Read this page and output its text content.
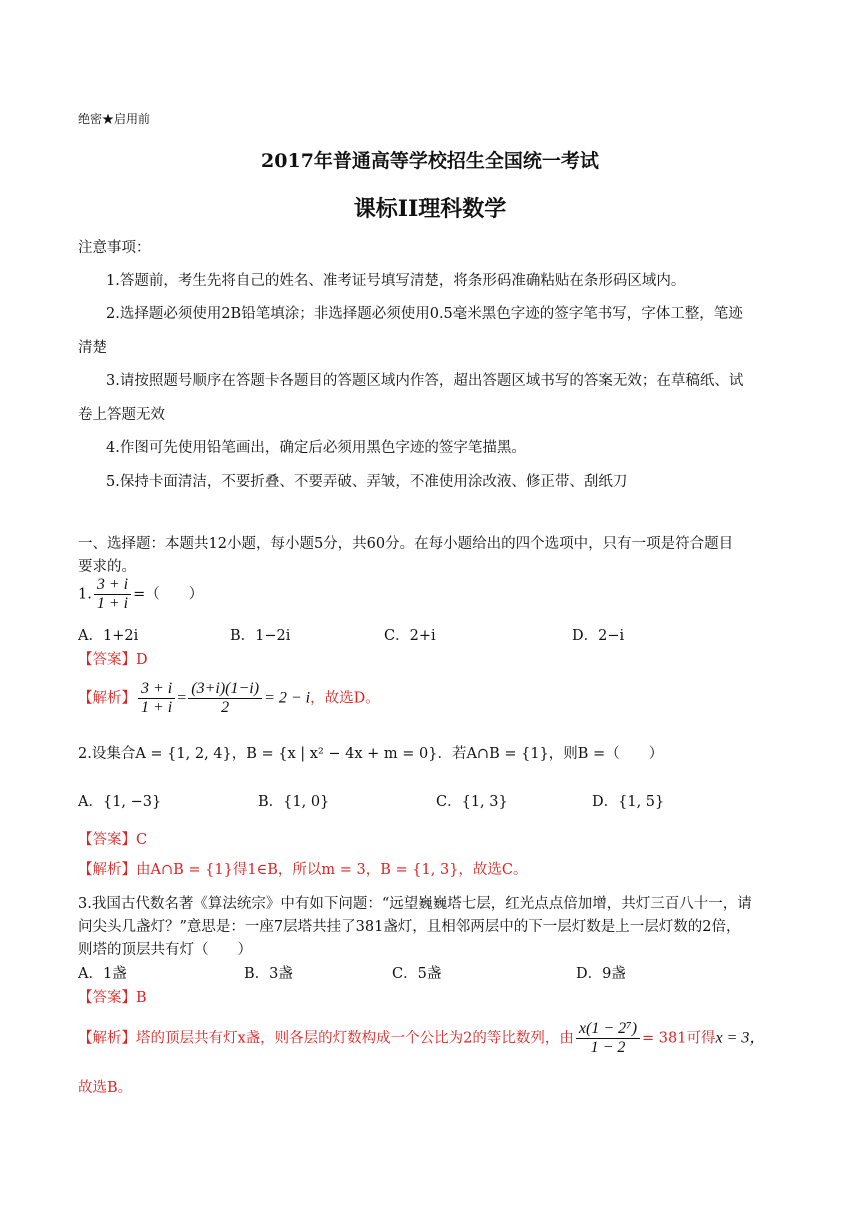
绝密★启用前
2017年普通高等学校招生全国统一考试
课标II理科数学
注意事项：
1.答题前，考生先将自己的姓名、准考证号填写清楚，将条形码准确粘贴在条形码区域内。
2.选择题必须使用2B铅笔填涂；非选择题必须使用0.5毫米黑色字迹的签字笔书写，字体工整，笔迹
清楚
3.请按照题号顺序在答题卡各题目的答题区域内作答，超出答题区域书写的答案无效；在草稿纸、试
卷上答题无效
4.作图可先使用铅笔画出，确定后必须用黑色字迹的签字笔描黑。
5.保持卡面清洁，不要折叠、不要弄破、弄皱，不准使用涂改液、修正带、刮纸刀
一、选择题：本题共12小题，每小题5分，共60分。在每小题给出的四个选项中，只有一项是符合题目
要求的。
1. $\frac{3 + i}{1 + i}$ =（　　）
A．1+2i	B．1−2i	C．2+i	D．2−i
【答案】D
【解析】 $\frac{3 + i}{1 + i} = \frac{(3+i)(1-i)}{2} = 2 - i$，故选D。
2.设集合A = {1, 2, 4}，B = {x | x² − 4x + m = 0}．若A∩B = {1}，则B =（　　）
A．{1, −3}	B．{1, 0}	C．{1, 3}	D．{1, 5}
【答案】C
【解析】由A∩B = {1}得1∈B，所以m = 3，B = {1, 3}，故选C。
3.我国古代数名著《算法统宗》中有如下问题：“远望巍巍塔七层，红光点点倍加增，共灯三百八十一，请
问尖头几盏灯？”意思是：一座7层塔共挂了381盏灯，且相邻两层中的下一层灯数是上一层灯数的2倍，
则塔的顶层共有灯（　　）
A．1盏	B．3盏	C．5盏	D．9盏
【答案】B
【解析】塔的顶层共有灯x盏，则各层的灯数构成一个公比为2的等比数列，由 $\frac{\text{x(1 − 2⁷)}}{1 - 2} = 381$可得x = 3，
故选B。
